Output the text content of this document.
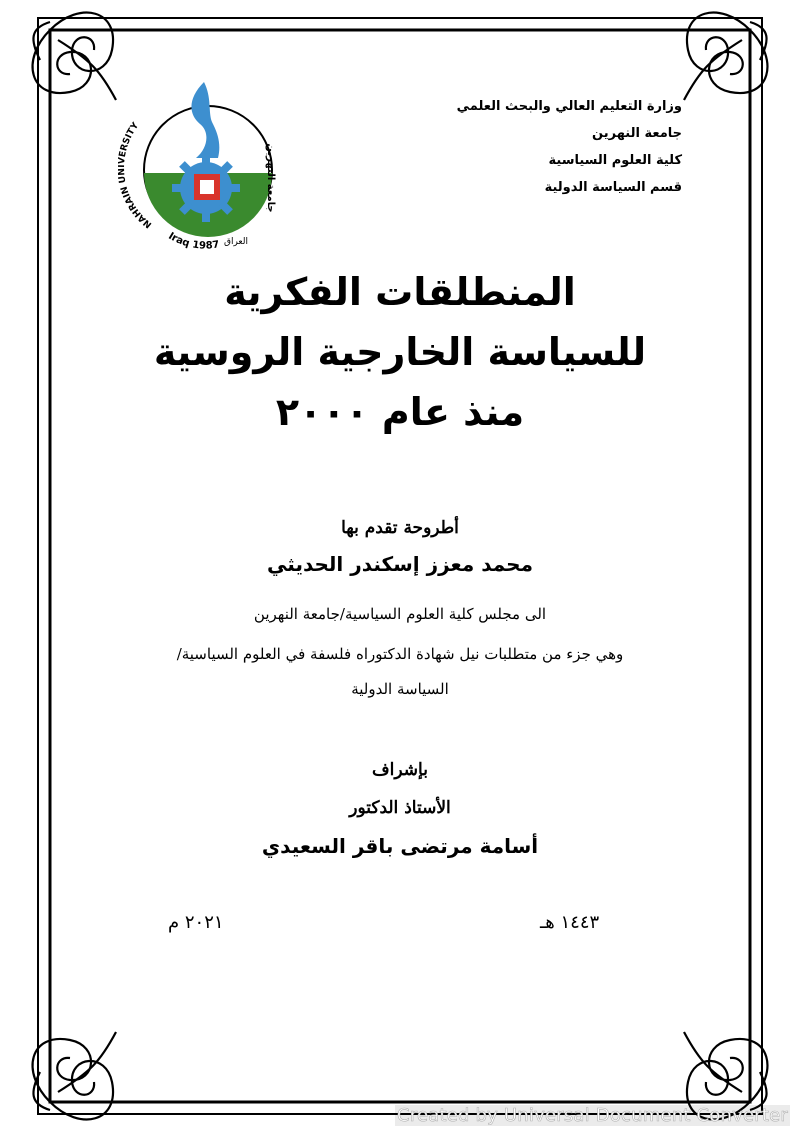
NAHRAIN UNIVERSITY
جامعة النهرين
Iraq 1987 العراق
وزارة التعليم العالي والبحث العلمي
جامعة النهرين
كلية العلوم السياسية
قسم السياسة الدولية
المنطلقات الفكرية
للسياسة الخارجية الروسية
منذ عام ٢٠٠٠
أطروحة تقدم بها
محمد معزز إسكندر الحديثي
الى مجلس كلية العلوم السياسية/جامعة النهرين
وهي جزء من متطلبات نيل شهادة الدكتوراه فلسفة في العلوم السياسية/
السياسة الدولية
بإشراف
الأستاذ الدكتور
أسامة مرتضى باقر السعيدي
١٤٤٣ هـ
٢٠٢١ م
Created by Universal Document Converter
